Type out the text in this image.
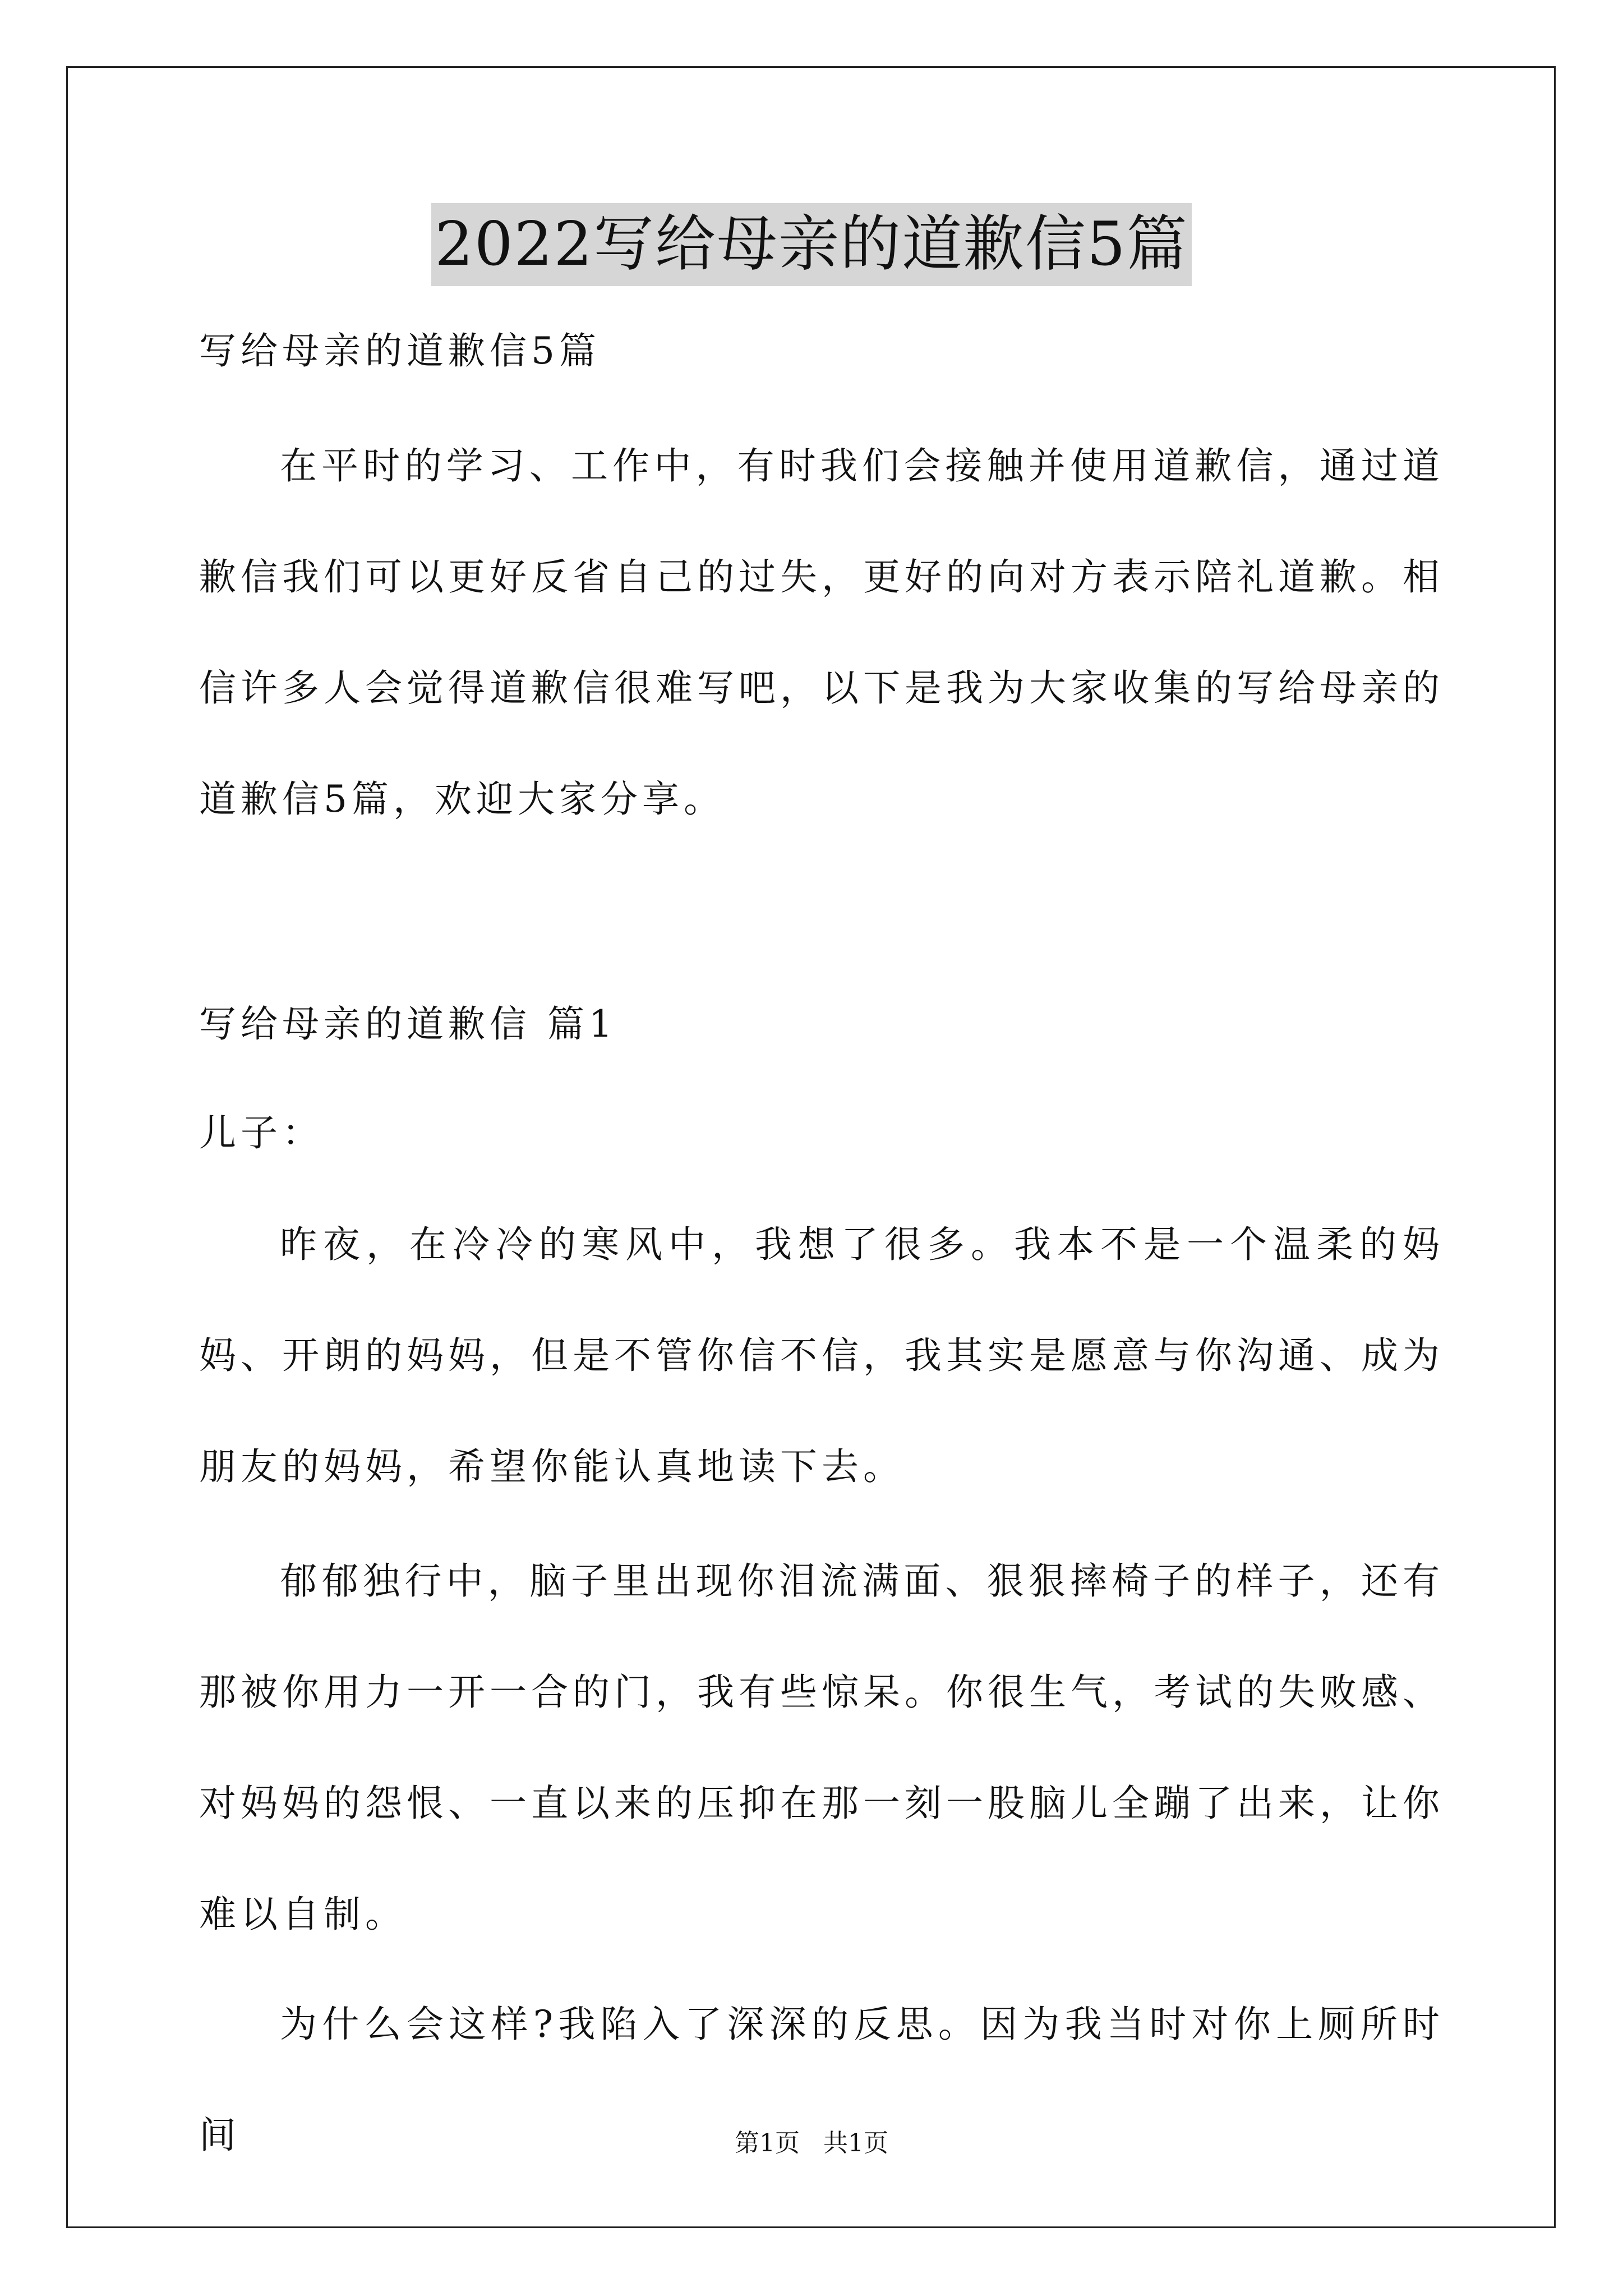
2022写给母亲的道歉信5篇
写给母亲的道歉信5篇

在平时的学习、工作中，有时我们会接触并使用道歉信，通过道歉信我们可以更好反省自己的过失，更好的向对方表示陪礼道歉。相信许多人会觉得道歉信很难写吧，以下是我为大家收集的写给母亲的道歉信5篇，欢迎大家分享。

写给母亲的道歉信 篇1
儿子：

昨夜，在冷冷的寒风中，我想了很多。我本不是一个温柔的妈妈、开朗的妈妈，但是不管你信不信，我其实是愿意与你沟通、成为朋友的妈妈，希望你能认真地读下去。

郁郁独行中，脑子里出现你泪流满面、狠狠摔椅子的样子，还有那被你用力一开一合的门，我有些惊呆。你很生气，考试的失败感、对妈妈的怨恨、一直以来的压抑在那一刻一股脑儿全蹦了出来，让你难以自制。

为什么会这样?我陷入了深深的反思。因为我当时对你上厕所时间	第1页 共1页
